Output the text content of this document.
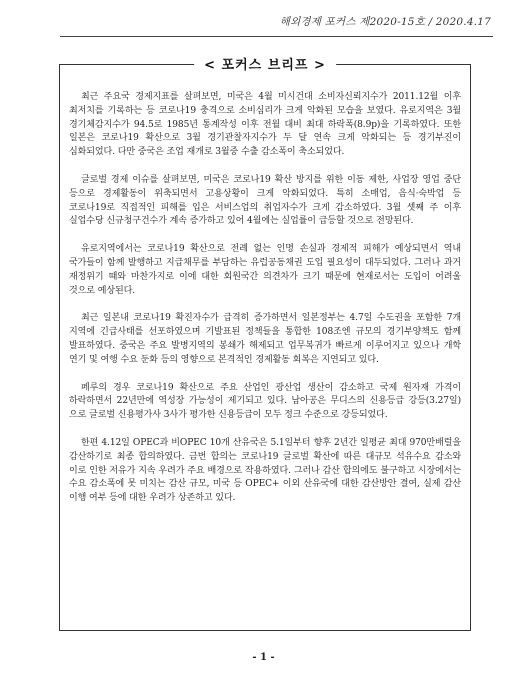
해외경제 포커스 제2020-15호 / 2020.4.17
< 포커스 브리프 >

최근 주요국 경제지표를 살펴보면, 미국은 4월 미시건대 소비자신뢰지수가 2011.12월 이후 최저치를 기록하는 등 코로나19 충격으로 소비심리가 크게 악화된 모습을 보였다. 유로지역은 3월 경기체감지수가 94.5로 1985년 통계작성 이후 전월 대비 최대 하락폭(8.9p)을 기록하였다. 또한 일본은 코로나19 확산으로 3월 경기관찰자지수가 두 달 연속 크게 악화되는 등 경기부진이 심화되었다. 다만 중국은 조업 재개로 3월중 수출 감소폭이 축소되었다.

글로벌 경제 이슈를 살펴보면, 미국은 코로나19 확산 방지를 위한 이동 제한, 사업장 영업 중단 등으로 경제활동이 위축되면서 고용상황이 크게 악화되었다. 특히 소매업, 음식·숙박업 등 코로나19로 직접적인 피해를 입은 서비스업의 취업자수가 크게 감소하였다. 3월 셋째 주 이후 실업수당 신규청구건수가 계속 증가하고 있어 4월에는 실업률이 급등할 것으로 전망된다.

유로지역에서는 코로나19 확산으로 전례 없는 인명 손실과 경제적 피해가 예상되면서 역내 국가들이 함께 발행하고 지급채무를 부담하는 유럽공동채권 도입 필요성이 대두되었다. 그러나 과거 재정위기 때와 마찬가지로 이에 대한 회원국간 의견차가 크기 때문에 현재로서는 도입이 어려울 것으로 예상된다.

최근 일본내 코로나19 확진자수가 급격히 증가하면서 일본정부는 4.7일 수도권을 포함한 7개 지역에 긴급사태를 선포하였으며 기발표된 정책들을 통합한 108조엔 규모의 경기부양책도 함께 발표하였다. 중국은 주요 발병지역의 봉쇄가 해제되고 업무복귀가 빠르게 이루어지고 있으나 개학 연기 및 여행 수요 둔화 등의 영향으로 본격적인 경제활동 회복은 지연되고 있다.

페루의 경우 코로나19 확산으로 주요 산업인 광산업 생산이 감소하고 국제 원자재 가격이 하락하면서 22년만에 역성장 가능성이 제기되고 있다. 남아공은 무디스의 신용등급 강등(3.27일)으로 글로벌 신용평가사 3사가 평가한 신용등급이 모두 정크 수준으로 강등되었다.

한편 4.12일 OPEC과 비OPEC 10개 산유국은 5.1일부터 향후 2년간 일평균 최대 970만배럴을 감산하기로 최종 합의하였다. 금번 합의는 코로나19 글로벌 확산에 따른 대규모 석유수요 감소와 이로 인한 저유가 지속 우려가 주요 배경으로 작용하였다. 그러나 감산 합의에도 불구하고 시장에서는 수요 감소폭에 못 미치는 감산 규모, 미국 등 OPEC+ 이외 산유국에 대한 감산방안 결여, 실제 감산 이행 여부 등에 대한 우려가 상존하고 있다.

- 1 -
